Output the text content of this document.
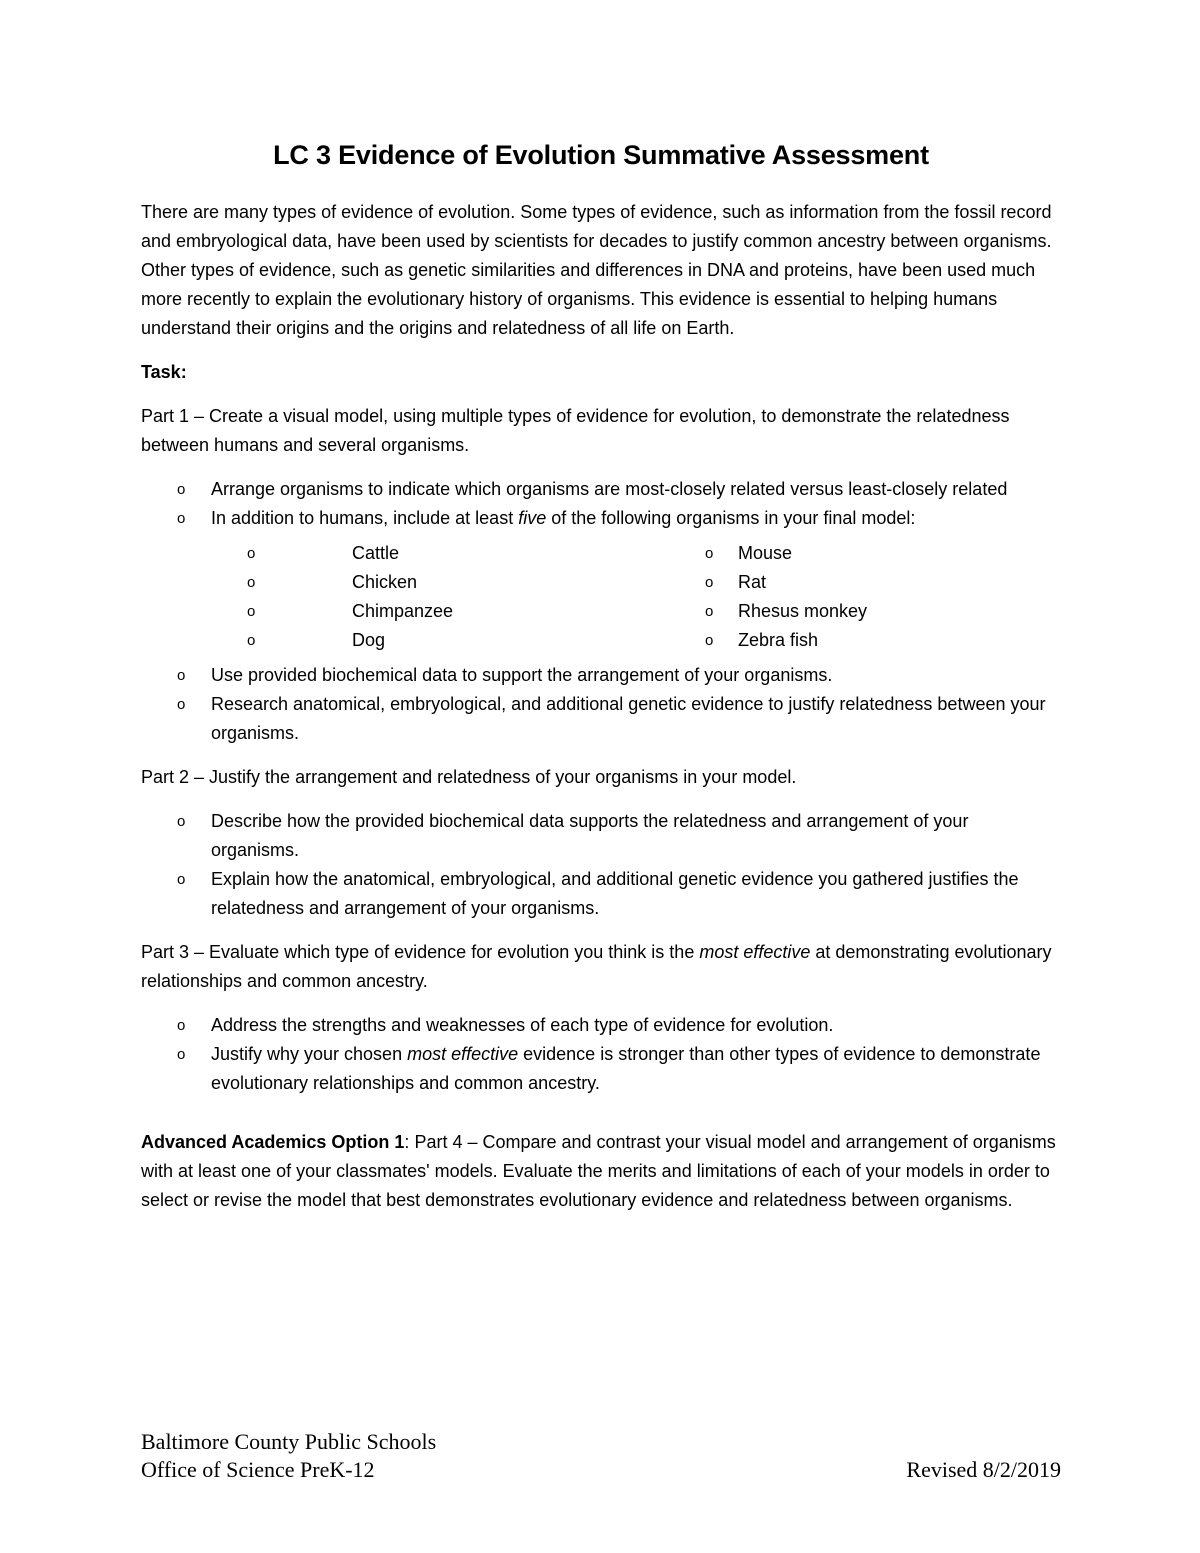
LC 3 Evidence of Evolution Summative Assessment

There are many types of evidence of evolution. Some types of evidence, such as information from the fossil record and embryological data, have been used by scientists for decades to justify common ancestry between organisms. Other types of evidence, such as genetic similarities and differences in DNA and proteins, have been used much more recently to explain the evolutionary history of organisms. This evidence is essential to helping humans understand their origins and the origins and relatedness of all life on Earth.

Task:

Part 1 – Create a visual model, using multiple types of evidence for evolution, to demonstrate the relatedness between humans and several organisms.

o Arrange organisms to indicate which organisms are most-closely related versus least-closely related
o In addition to humans, include at least five of the following organisms in your final model:
o	Cattle
o	Chicken
o	Chimpanzee
o	Dog
o Mouse
o Rat
o Rhesus monkey
o Zebra fish
o Use provided biochemical data to support the arrangement of your organisms.
o Research anatomical, embryological, and additional genetic evidence to justify relatedness between your organisms.

Part 2 – Justify the arrangement and relatedness of your organisms in your model.

o Describe how the provided biochemical data supports the relatedness and arrangement of your organisms.
o Explain how the anatomical, embryological, and additional genetic evidence you gathered justifies the relatedness and arrangement of your organisms.

Part 3 – Evaluate which type of evidence for evolution you think is the most effective at demonstrating evolutionary relationships and common ancestry.

o Address the strengths and weaknesses of each type of evidence for evolution.
o Justify why your chosen most effective evidence is stronger than other types of evidence to demonstrate evolutionary relationships and common ancestry.

Advanced Academics Option 1: Part 4 – Compare and contrast your visual model and arrangement of organisms with at least one of your classmates' models. Evaluate the merits and limitations of each of your models in order to select or revise the model that best demonstrates evolutionary evidence and relatedness between organisms.

Baltimore County Public Schools
Office of Science PreK-12	Revised 8/2/2019
